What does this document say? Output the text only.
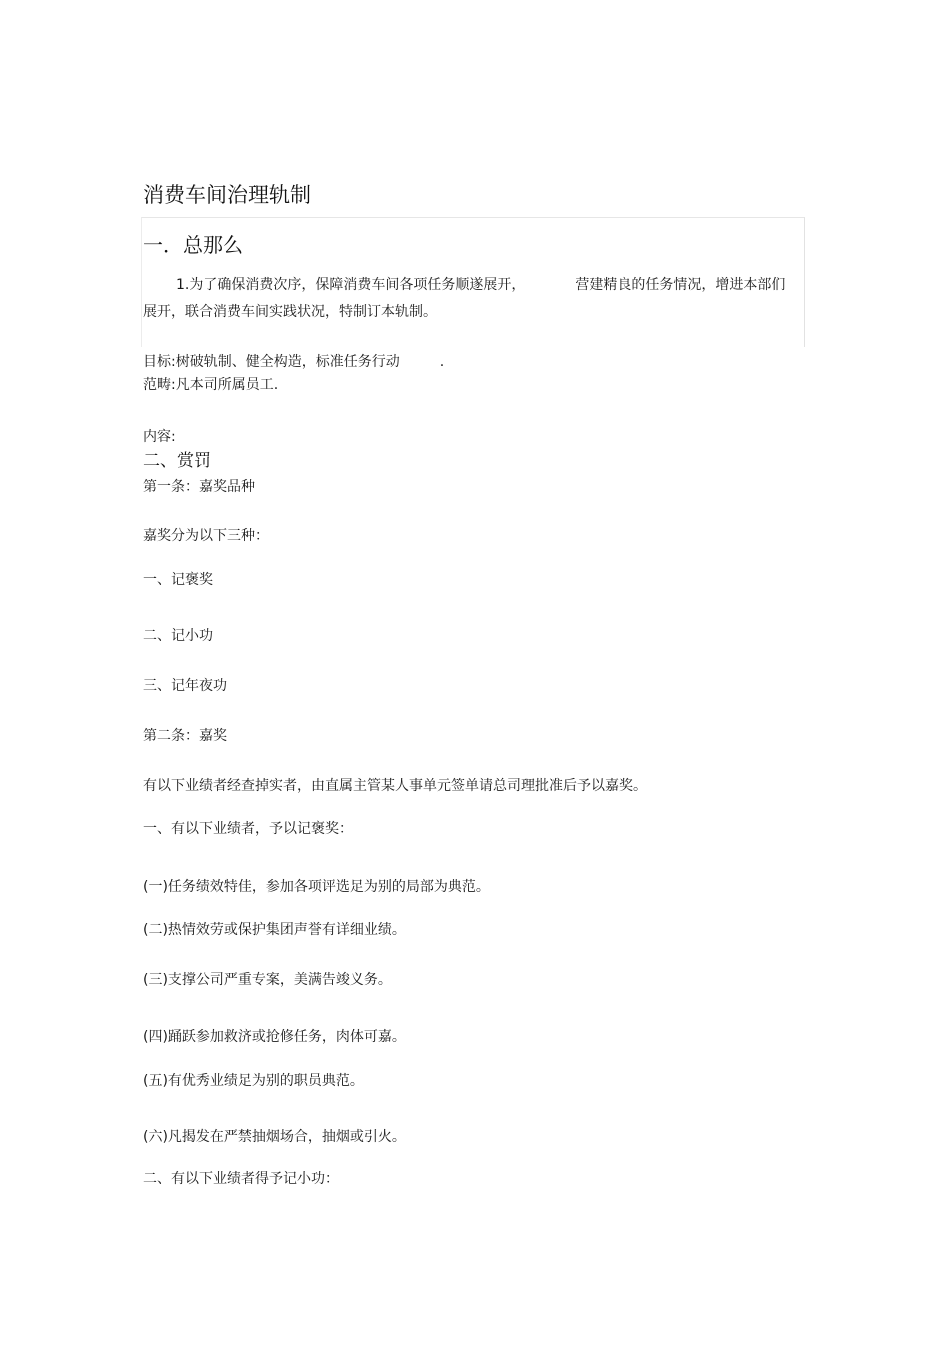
消费车间治理轨制
一．总那么
1.为了确保消费次序，保障消费车间各项任务顺遂展开，	营建精良的任务情况，增进本部们展开，联合消费车间实践状况，特制订本轨制。
目标:树破轨制、健全构造，标准任务行动	.
范畴:凡本司所属员工.
内容:
二、赏罚
第一条：嘉奖品种
嘉奖分为以下三种：
一、记褒奖
二、记小功
三、记年夜功
第二条：嘉奖
有以下业绩者经查掉实者，由直属主管某人事单元签单请总司理批准后予以嘉奖。
一、有以下业绩者，予以记褒奖：
(一)任务绩效特佳，参加各项评选足为别的局部为典范。
(二)热情效劳或保护集团声誉有详细业绩。
(三)支撑公司严重专案，美满告竣义务。
(四)踊跃参加救济或抢修任务，肉体可嘉。
(五)有优秀业绩足为别的职员典范。
(六)凡揭发在严禁抽烟场合，抽烟或引火。
二、有以下业绩者得予记小功：
